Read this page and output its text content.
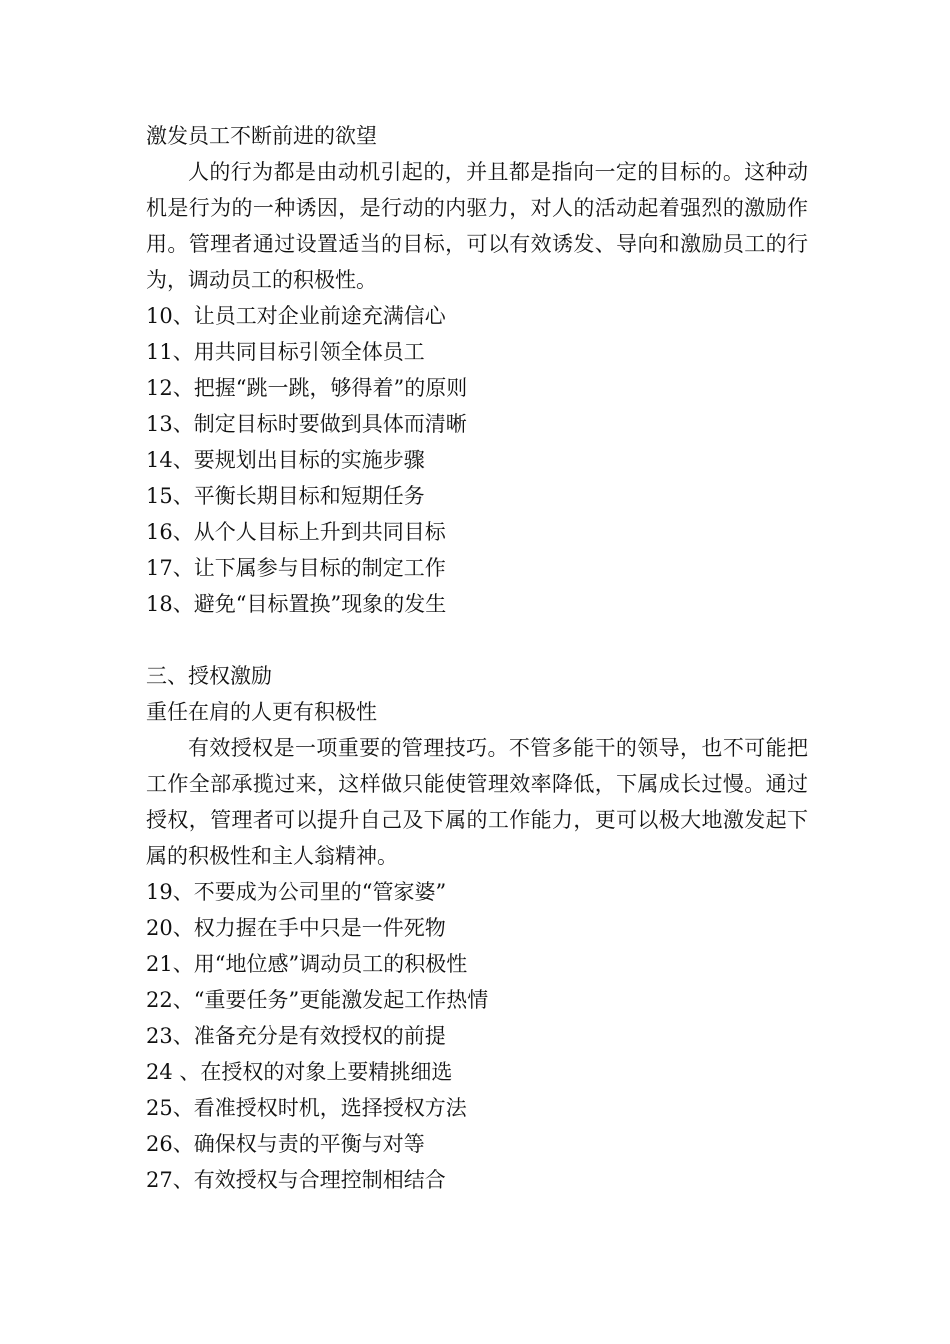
激发员工不断前进的欲望

人的行为都是由动机引起的，并且都是指向一定的目标的。这种动机是行为的一种诱因，是行动的内驱力，对人的活动起着强烈的激励作用。管理者通过设置适当的目标，可以有效诱发、导向和激励员工的行为，调动员工的积极性。

10、让员工对企业前途充满信心

11、用共同目标引领全体员工

12、把握“跳一跳，够得着”的原则

13、制定目标时要做到具体而清晰

14、要规划出目标的实施步骤

15、平衡长期目标和短期任务

16、从个人目标上升到共同目标

17、让下属参与目标的制定工作

18、避免“目标置换”现象的发生

三、授权激励

重任在肩的人更有积极性

有效授权是一项重要的管理技巧。不管多能干的领导，也不可能把工作全部承揽过来，这样做只能使管理效率降低，下属成长过慢。通过授权，管理者可以提升自己及下属的工作能力，更可以极大地激发起下属的积极性和主人翁精神。

19、不要成为公司里的“管家婆”

20、权力握在手中只是一件死物

21、用“地位感”调动员工的积极性

22、“重要任务”更能激发起工作热情

23、准备充分是有效授权的前提

24 、在授权的对象上要精挑细选

25、看准授权时机，选择授权方法

26、确保权与责的平衡与对等

27、有效授权与合理控制相结合
